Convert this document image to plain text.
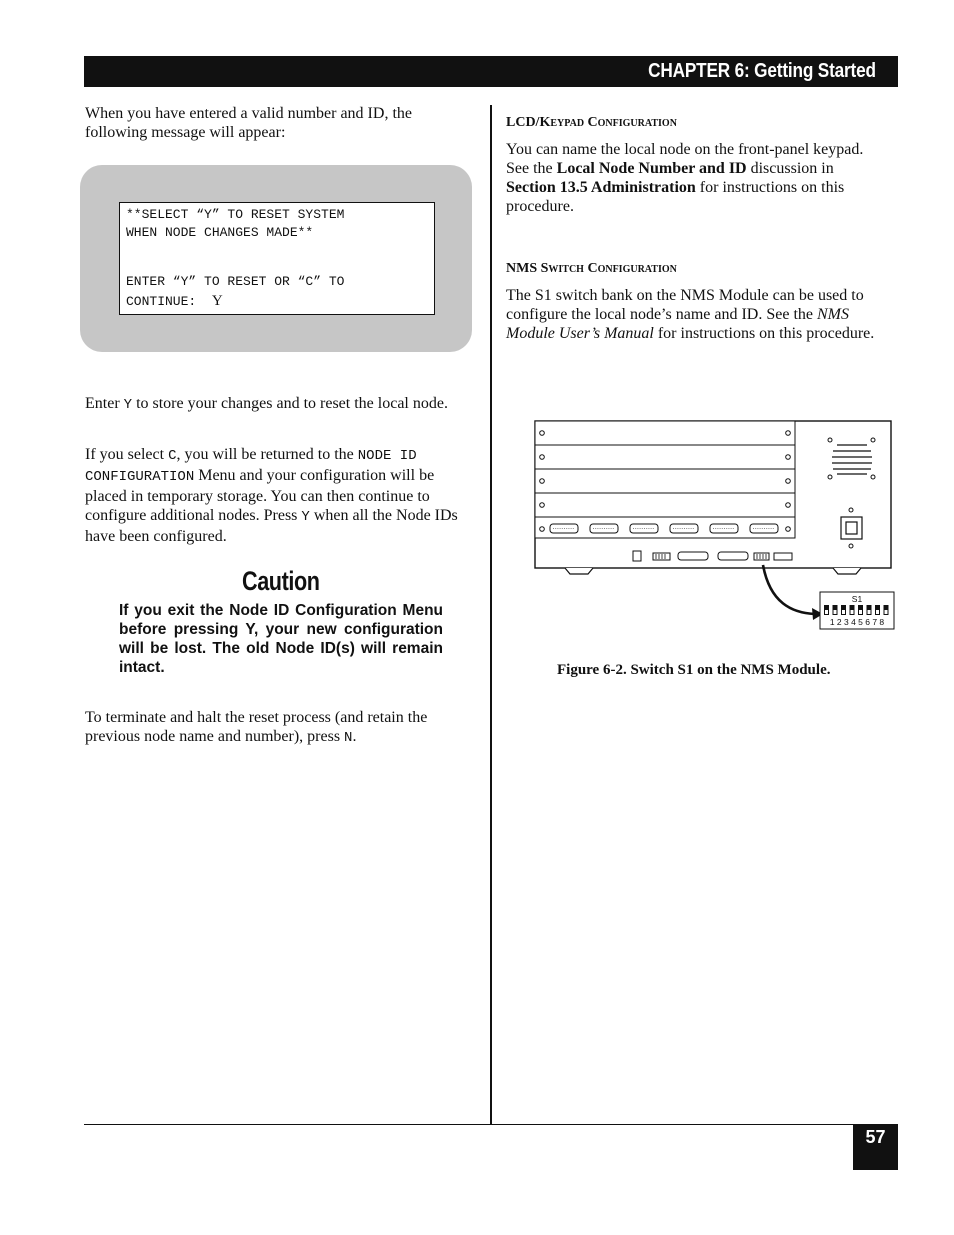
CHAPTER 6: Getting Started

When you have entered a valid number and ID, the following message will appear:

**SELECT “Y” TO RESET SYSTEM
WHEN NODE CHANGES MADE**
ENTER “Y” TO RESET OR “C” TO
CONTINUE: Y

Enter Y to store your changes and to reset the local node.

If you select C, you will be returned to the NODE ID CONFIGURATION Menu and your configuration will be placed in temporary storage. You can then continue to configure additional nodes. Press Y when all the Node IDs have been configured.

Caution

If you exit the Node ID Configuration Menu before pressing Y, your new configuration will be lost. The old Node ID(s) will remain intact.

To terminate and halt the reset process (and retain the previous node name and number), press N.

LCD/Keypad Configuration

You can name the local node on the front-panel keypad. See the Local Node Number and ID discussion in Section 13.5 Administration for instructions on this procedure.

NMS Switch Configuration

The S1 switch bank on the NMS Module can be used to configure the local node’s name and ID. See the NMS Module User’s Manual for instructions on this procedure.

S1
1 2 3 4 5 6 7 8
Figure 6-2. Switch S1 on the NMS Module.
57
